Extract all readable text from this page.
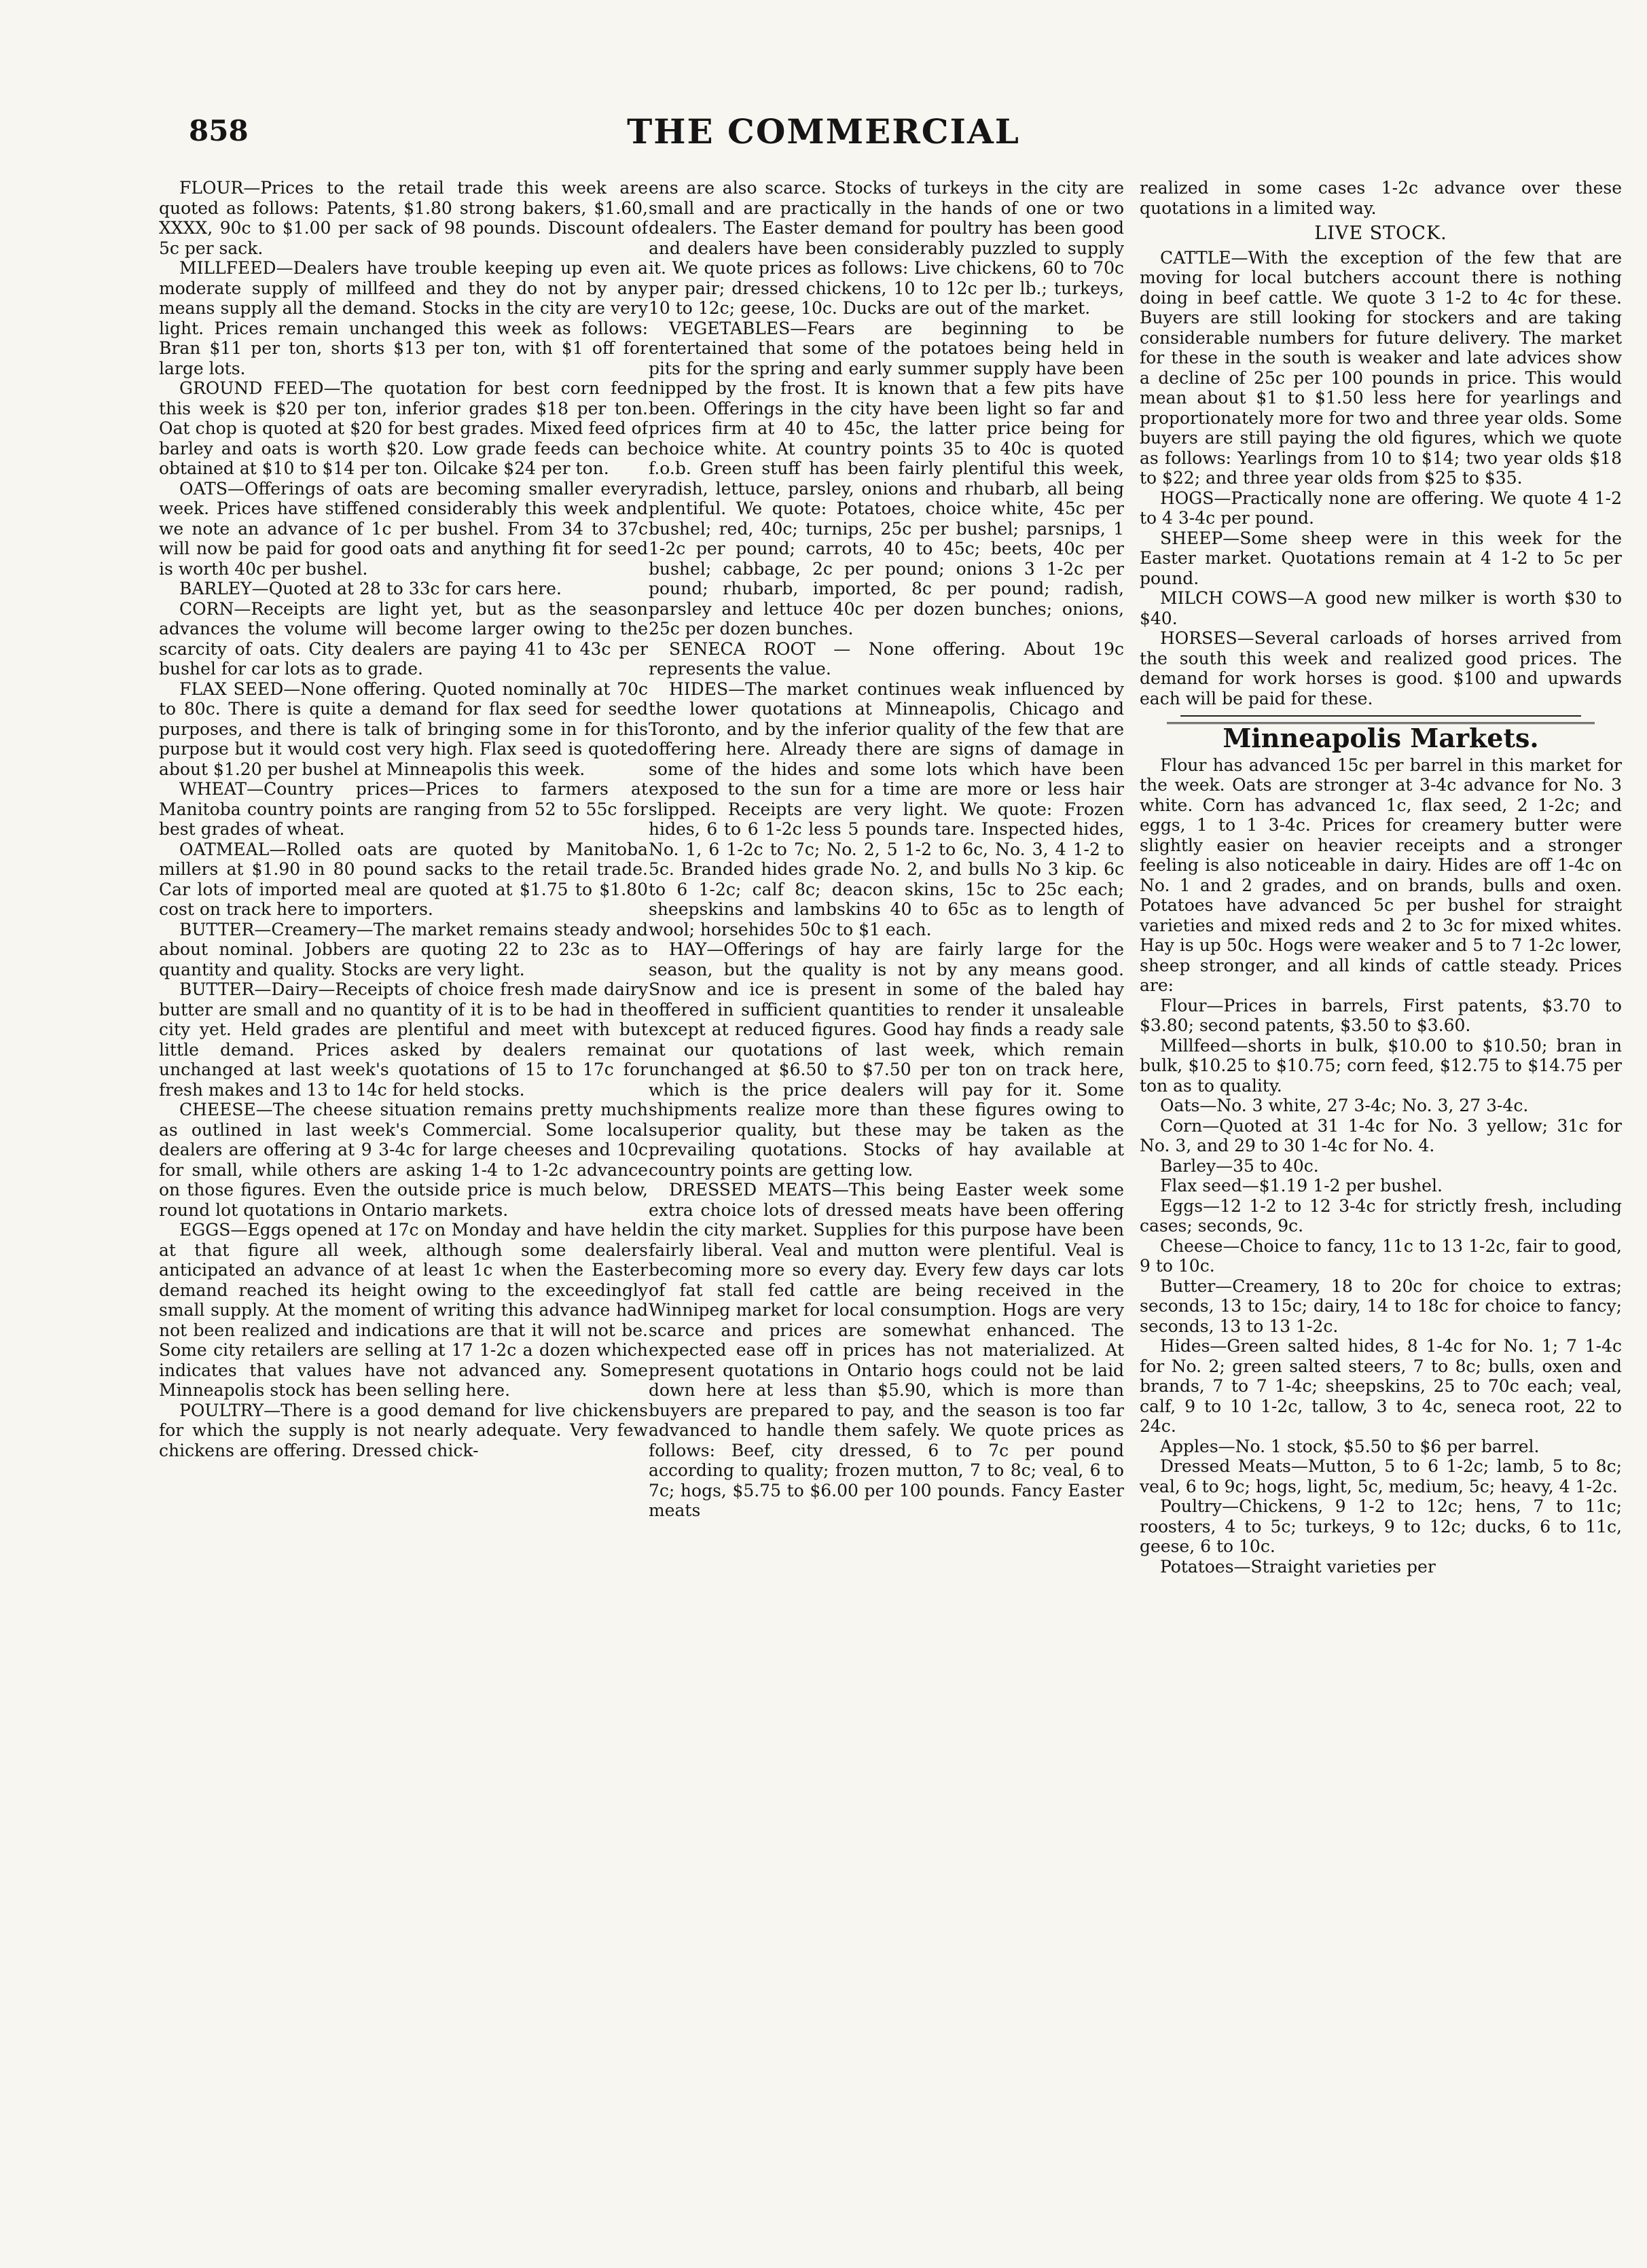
858	THE COMMERCIAL

FLOUR—Prices to the retail trade this week are quoted as follows: Patents, $1.80 strong bakers, $1.60, XXXX, 90c to $1.00 per sack of 98 pounds. Discount of 5c per sack.

MILLFEED—Dealers have trouble keeping up even a moderate supply of millfeed and they do not by any means supply all the demand. Stocks in the city are very light. Prices remain unchanged this week as follows: Bran $11 per ton, shorts $13 per ton, with $1 off for large lots.

GROUND FEED—The quotation for best corn feed this week is $20 per ton, inferior grades $18 per ton. Oat chop is quoted at $20 for best grades. Mixed feed of barley and oats is worth $20. Low grade feeds can be obtained at $10 to $14 per ton. Oilcake $24 per ton.

OATS—Offerings of oats are becoming smaller every week. Prices have stiffened considerably this week and we note an advance of 1c per bushel. From 34 to 37c will now be paid for good oats and anything fit for seed is worth 40c per bushel.

BARLEY—Quoted at 28 to 33c for cars here.

CORN—Receipts are light yet, but as the season advances the volume will become larger owing to the scarcity of oats. City dealers are paying 41 to 43c per bushel for car lots as to grade.

FLAX SEED—None offering. Quoted nominally at 70c to 80c. There is quite a demand for flax seed for seed purposes, and there is talk of bringing some in for this purpose but it would cost very high. Flax seed is quoted about $1.20 per bushel at Minneapolis this week.

WHEAT—Country prices—Prices to farmers at Manitoba country points are ranging from 52 to 55c for best grades of wheat.

OATMEAL—Rolled oats are quoted by Manitoba millers at $1.90 in 80 pound sacks to the retail trade. Car lots of imported meal are quoted at $1.75 to $1.80 cost on track here to importers.

BUTTER—Creamery—The market remains steady and about nominal. Jobbers are quoting 22 to 23c as to quantity and quality. Stocks are very light.

BUTTER—Dairy—Receipts of choice fresh made dairy butter are small and no quantity of it is to be had in the city yet. Held grades are plentiful and meet with but little demand. Prices asked by dealers remain unchanged at last week's quotations of 15 to 17c for fresh makes and 13 to 14c for held stocks.

CHEESE—The cheese situation remains pretty much as outlined in last week's Commercial. Some local dealers are offering at 9 3-4c for large cheeses and 10c for small, while others are asking 1-4 to 1-2c advance on those figures. Even the outside price is much below, round lot quotations in Ontario markets.

EGGS—Eggs opened at 17c on Monday and have held at that figure all week, although some dealers anticipated an advance of at least 1c when the Easter demand reached its height owing to the exceedingly small supply. At the moment of writing this advance had not been realized and indications are that it will not be. Some city retailers are selling at 17 1-2c a dozen which indicates that values have not advanced any. Some Minneapolis stock has been selling here.

POULTRY—There is a good demand for live chickens for which the supply is not nearly adequate. Very few chickens are offering. Dressed chick-

ens are also scarce. Stocks of turkeys in the city are small and are practically in the hands of one or two dealers. The Easter demand for poultry has been good and dealers have been considerably puzzled to supply it. We quote prices as follows: Live chickens, 60 to 70c per pair; dressed chickens, 10 to 12c per lb.; turkeys, 10 to 12c; geese, 10c. Ducks are out of the market.

VEGETABLES—Fears are beginning to be entertained that some of the potatoes being held in pits for the spring and early summer supply have been nipped by the frost. It is known that a few pits have been. Offerings in the city have been light so far and prices firm at 40 to 45c, the latter price being for choice white. At country points 35 to 40c is quoted f.o.b. Green stuff has been fairly plentiful this week, radish, lettuce, parsley, onions and rhubarb, all being plentiful. We quote: Potatoes, choice white, 45c per bushel; red, 40c; turnips, 25c per bushel; parsnips, 1 1-2c per pound; carrots, 40 to 45c; beets, 40c per bushel; cabbage, 2c per pound; onions 3 1-2c per pound; rhubarb, imported, 8c per pound; radish, parsley and lettuce 40c per dozen bunches; onions, 25c per dozen bunches.

SENECA ROOT — None offering. About 19c represents the value.

HIDES—The market continues weak influenced by the lower quotations at Minneapolis, Chicago and Toronto, and by the inferior quality of the few that are offering here. Already there are signs of damage in some of the hides and some lots which have been exposed to the sun for a time are more or less hair slipped. Receipts are very light. We quote: Frozen hides, 6 to 6 1-2c less 5 pounds tare. Inspected hides, No. 1, 6 1-2c to 7c; No. 2, 5 1-2 to 6c, No. 3, 4 1-2 to 5c. Branded hides grade No. 2, and bulls No 3 kip. 6c to 6 1-2c; calf 8c; deacon skins, 15c to 25c each; sheepskins and lambskins 40 to 65c as to length of wool; horsehides 50c to $1 each.

HAY—Offerings of hay are fairly large for the season, but the quality is not by any means good. Snow and ice is present in some of the baled hay offered in sufficient quantities to render it unsaleable except at reduced figures. Good hay finds a ready sale at our quotations of last week, which remain unchanged at $6.50 to $7.50 per ton on track here, which is the price dealers will pay for it. Some shipments realize more than these figures owing to superior quality, but these may be taken as the prevailing quotations. Stocks of hay available at country points are getting low.

DRESSED MEATS—This being Easter week some extra choice lots of dressed meats have been offering in the city market. Supplies for this purpose have been fairly liberal. Veal and mutton were plentiful. Veal is becoming more so every day. Every few days car lots of fat stall fed cattle are being received in the Winnipeg market for local consumption. Hogs are very scarce and prices are somewhat enhanced. The expected ease off in prices has not materialized. At present quotations in Ontario hogs could not be laid down here at less than $5.90, which is more than buyers are prepared to pay, and the season is too far advanced to handle them safely. We quote prices as follows: Beef, city dressed, 6 to 7c per pound according to quality; frozen mutton, 7 to 8c; veal, 6 to 7c; hogs, $5.75 to $6.00 per 100 pounds. Fancy Easter meats

realized in some cases 1-2c advance over these quotations in a limited way.

LIVE STOCK.

CATTLE—With the exception of the few that are moving for local butchers account there is nothing doing in beef cattle. We quote 3 1-2 to 4c for these. Buyers are still looking for stockers and are taking considerable numbers for future delivery. The market for these in the south is weaker and late advices show a decline of 25c per 100 pounds in price. This would mean about $1 to $1.50 less here for yearlings and proportionately more for two and three year olds. Some buyers are still paying the old figures, which we quote as follows: Yearlings from 10 to $14; two year olds $18 to $22; and three year olds from $25 to $35.

HOGS—Practically none are offering. We quote 4 1-2 to 4 3-4c per pound.

SHEEP—Some sheep were in this week for the Easter market. Quotations remain at 4 1-2 to 5c per pound.

MILCH COWS—A good new milker is worth $30 to $40.

HORSES—Several carloads of horses arrived from the south this week and realized good prices. The demand for work horses is good. $100 and upwards each will be paid for these.

Minneapolis Markets.

Flour has advanced 15c per barrel in this market for the week. Oats are stronger at 3-4c advance for No. 3 white. Corn has advanced 1c, flax seed, 2 1-2c; and eggs, 1 to 1 3-4c. Prices for creamery butter were slightly easier on heavier receipts and a stronger feeling is also noticeable in dairy. Hides are off 1-4c on No. 1 and 2 grades, and on brands, bulls and oxen. Potatoes have advanced 5c per bushel for straight varieties and mixed reds and 2 to 3c for mixed whites. Hay is up 50c. Hogs were weaker and 5 to 7 1-2c lower, sheep stronger, and all kinds of cattle steady. Prices are:

Flour—Prices in barrels, First patents, $3.70 to $3.80; second patents, $3.50 to $3.60.

Millfeed—shorts in bulk, $10.00 to $10.50; bran in bulk, $10.25 to $10.75; corn feed, $12.75 to $14.75 per ton as to quality.

Oats—No. 3 white, 27 3-4c; No. 3, 27 3-4c.

Corn—Quoted at 31 1-4c for No. 3 yellow; 31c for No. 3, and 29 to 30 1-4c for No. 4.

Barley—35 to 40c.

Flax seed—$1.19 1-2 per bushel.

Eggs—12 1-2 to 12 3-4c for strictly fresh, including cases; seconds, 9c.

Cheese—Choice to fancy, 11c to 13 1-2c, fair to good, 9 to 10c.

Butter—Creamery, 18 to 20c for choice to extras; seconds, 13 to 15c; dairy, 14 to 18c for choice to fancy; seconds, 13 to 13 1-2c.

Hides—Green salted hides, 8 1-4c for No. 1; 7 1-4c for No. 2; green salted steers, 7 to 8c; bulls, oxen and brands, 7 to 7 1-4c; sheepskins, 25 to 70c each; veal, calf, 9 to 10 1-2c, tallow, 3 to 4c, seneca root, 22 to 24c.

Apples—No. 1 stock, $5.50 to $6 per barrel.

Dressed Meats—Mutton, 5 to 6 1-2c; lamb, 5 to 8c; veal, 6 to 9c; hogs, light, 5c, medium, 5c; heavy, 4 1-2c.

Poultry—Chickens, 9 1-2 to 12c; hens, 7 to 11c; roosters, 4 to 5c; turkeys, 9 to 12c; ducks, 6 to 11c, geese, 6 to 10c.

Potatoes—Straight varieties per
